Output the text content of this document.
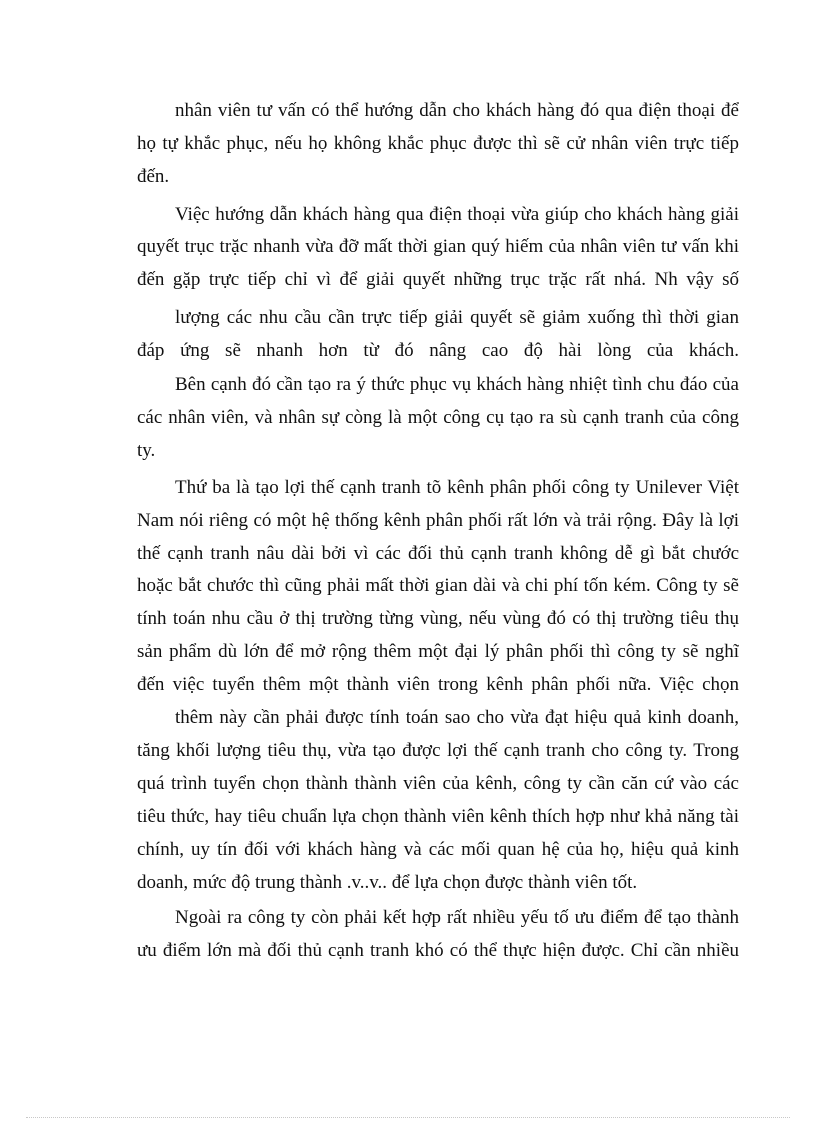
nhân viên tư vấn có thể hướng dẫn cho khách hàng đó qua điện thoại để
họ tự khắc phục, nếu họ không khắc phục được thì sẽ cử nhân viên trực tiếp
đến.
Việc hướng dẫn khách hàng qua điện thoại vừa giúp cho khách hàng giải
quyết trục trặc nhanh vừa đỡ mất thời gian quý hiếm của nhân viên tư vấn khi
đến gặp trực tiếp chỉ vì để giải quyết những trục trặc rất nhá. Nh vậy số
lượng các nhu cầu cần trực tiếp giải quyết sẽ giảm xuống thì thời gian
đáp ứng sẽ nhanh hơn từ đó nâng cao độ hài lòng của khách.
Bên cạnh đó cần tạo ra ý thức phục vụ khách hàng nhiệt tình chu đáo của
các nhân viên, và nhân sự còng là một công cụ tạo ra sù cạnh tranh của công
ty.
Thứ ba là tạo lợi thế cạnh tranh tõ kênh phân phối công ty Unilever Việt
Nam nói riêng có một hệ thống kênh phân phối rất lớn và trải rộng. Đây là lợi
thế cạnh tranh nâu dài bởi vì các đối thủ cạnh tranh không dễ gì bắt chước
hoặc bắt chước thì cũng phải mất thời gian dài và chi phí tốn kém. Công ty sẽ
tính toán nhu cầu ở thị trường từng vùng, nếu vùng đó có thị trường tiêu thụ
sản phẩm dù lớn để mở rộng thêm một đại lý phân phối thì công ty sẽ nghĩ
đến việc tuyển thêm một thành viên trong kênh phân phối nữa. Việc chọn
thêm này cần phải được tính toán sao cho vừa đạt hiệu quả kinh doanh,
tăng khối lượng tiêu thụ, vừa tạo được lợi thế cạnh tranh cho công ty. Trong
quá trình tuyển chọn thành thành viên của kênh, công ty cần căn cứ vào các
tiêu thức, hay tiêu chuẩn lựa chọn thành viên kênh thích hợp như khả năng tài
chính, uy tín đối với khách hàng và các mối quan hệ của họ, hiệu quả kinh
doanh, mức độ trung thành .v..v.. để lựa chọn được thành viên tốt.
Ngoài ra công ty còn phải kết hợp rất nhiều yếu tố ưu điểm để tạo thành
ưu điểm lớn mà đối thủ cạnh tranh khó có thể thực hiện được. Chỉ cần nhiều
